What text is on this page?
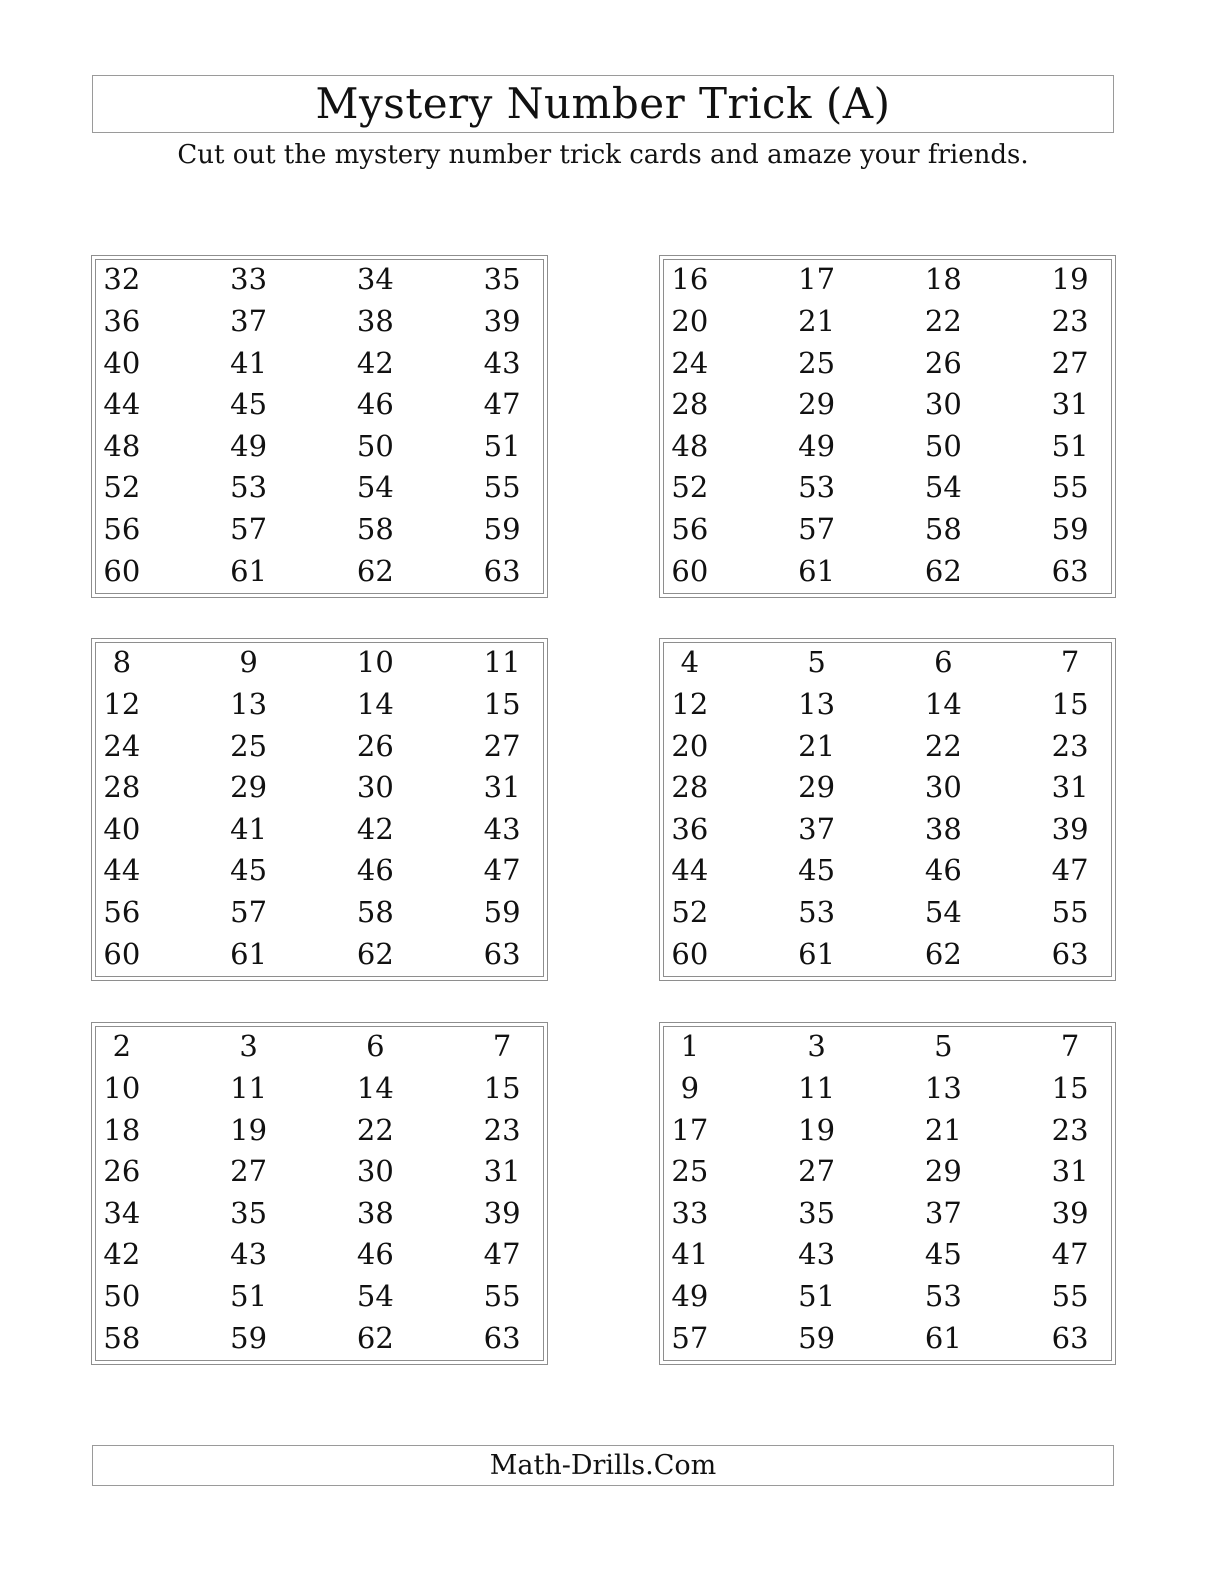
Mystery Number Trick (A)
Cut out the mystery number trick cards and amaze your friends.
32	33	34	35
36	37	38	39
40	41	42	43
44	45	46	47
48	49	50	51
52	53	54	55
56	57	58	59
60	61	62	63
16	17	18	19
20	21	22	23
24	25	26	27
28	29	30	31
48	49	50	51
52	53	54	55
56	57	58	59
60	61	62	63
8	9	10	11
12	13	14	15
24	25	26	27
28	29	30	31
40	41	42	43
44	45	46	47
56	57	58	59
60	61	62	63
4	5	6	7
12	13	14	15
20	21	22	23
28	29	30	31
36	37	38	39
44	45	46	47
52	53	54	55
60	61	62	63
2	3	6	7
10	11	14	15
18	19	22	23
26	27	30	31
34	35	38	39
42	43	46	47
50	51	54	55
58	59	62	63
1	3	5	7
9	11	13	15
17	19	21	23
25	27	29	31
33	35	37	39
41	43	45	47
49	51	53	55
57	59	61	63
Math-Drills.Com
